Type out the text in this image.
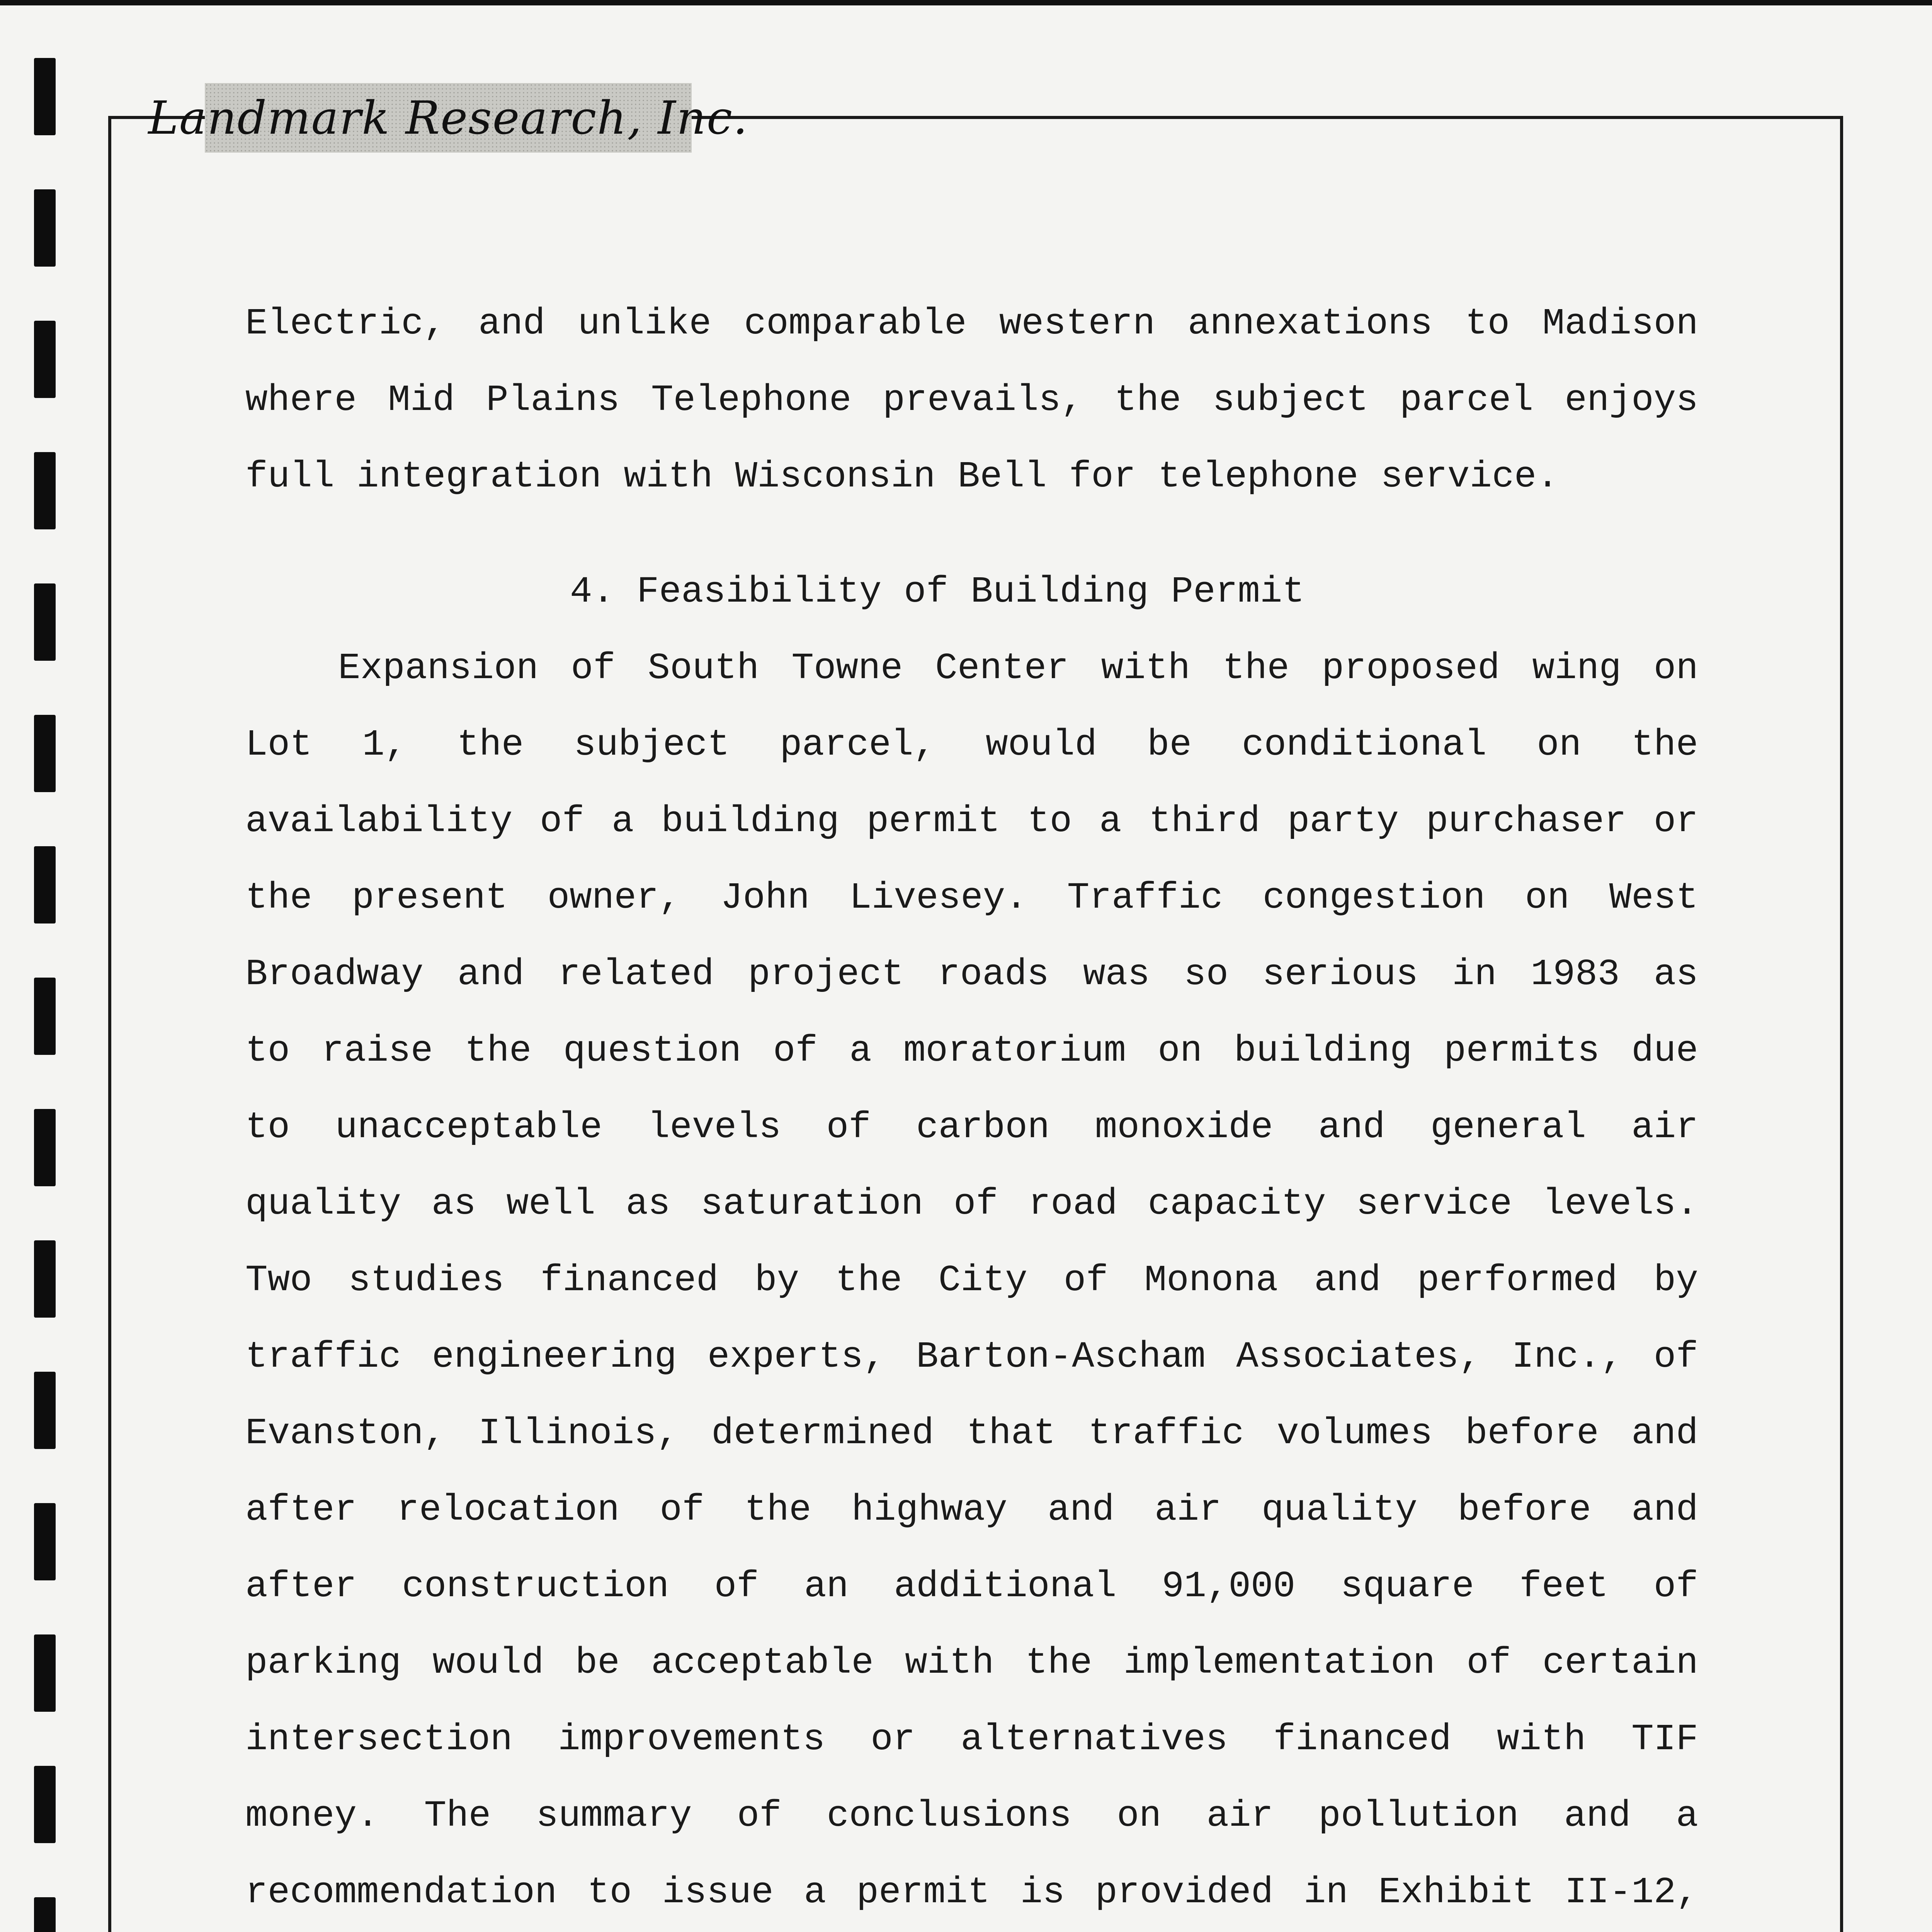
Landmark Research, Inc.
Electric, and unlike comparable western annexations to Madison
where Mid Plains Telephone prevails, the subject parcel enjoys
full integration with Wisconsin Bell for telephone service.
4. Feasibility of Building Permit
Expansion of South Towne Center with the proposed wing on
Lot 1, the subject parcel, would be conditional on the
availability of a building permit to a third party purchaser or
the present owner, John Livesey. Traffic congestion on West
Broadway and related project roads was so serious in 1983 as
to raise the question of a moratorium on building permits due
to unacceptable levels of carbon monoxide and general air
quality as well as saturation of road capacity service levels.
Two studies financed by the City of Monona and performed by
traffic engineering experts, Barton-Ascham Associates, Inc., of
Evanston, Illinois, determined that traffic volumes before and
after relocation of the highway and air quality before and
after construction of an additional 91,000 square feet of
parking would be acceptable with the implementation of certain
intersection improvements or alternatives financed with TIF
money. The summary of conclusions on air pollution and a
recommendation to issue a permit is provided in Exhibit II-12,
